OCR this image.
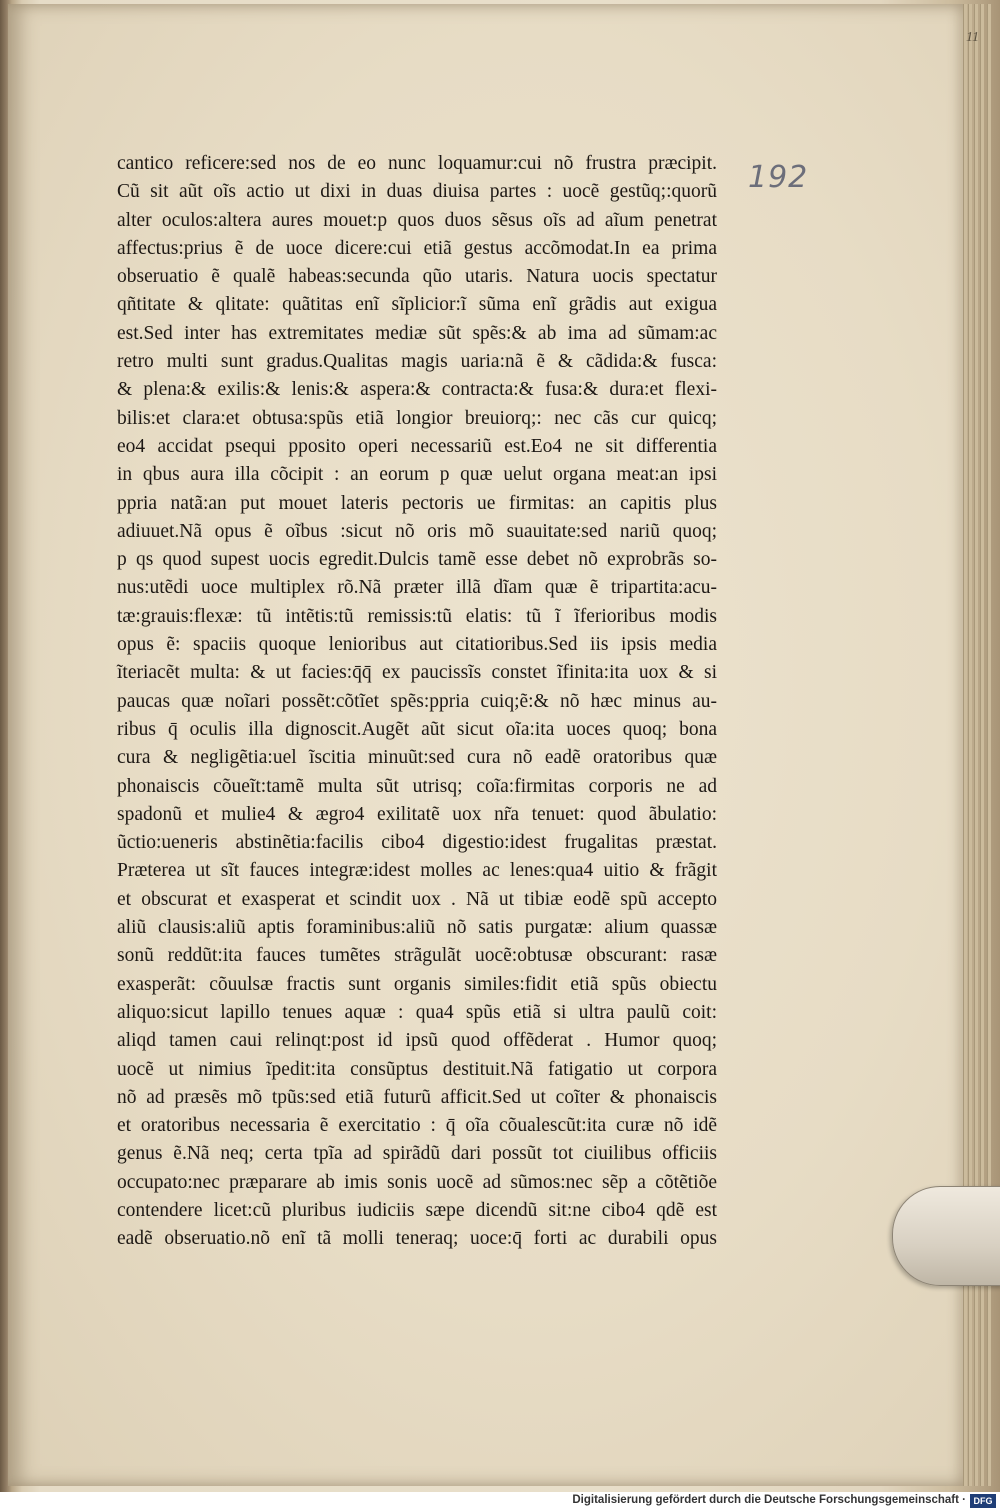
11
192
cantico reficere:sed nos de eo nunc loquamur:cui nõ frustra præcipit.
Cũ sit aũt oĩs actio ut dixi in duas diuisa partes : uocẽ gestũq;:quorũ
alter oculos:altera aures mouet:p quos duos sẽsus oĩs ad aĩum penetrat
affectus:prius ẽ de uoce dicere:cui etiã gestus accõmodat.In ea prima
obseruatio ẽ qualẽ habeas:secunda qũo utaris. Natura uocis spectatur
qñtitate & qlitate: quãtitas enĩ sĩplicior:ĩ sũma enĩ grãdis aut exigua
est.Sed inter has extremitates mediæ sũt spẽs:& ab ima ad sũmam:ac
retro multi sunt gradus.Qualitas magis uaria:nã ẽ & cãdida:& fusca:
& plena:& exilis:& lenis:& aspera:& contracta:& fusa:& dura:et flexi-
bilis:et clara:et obtusa:spũs etiã longior breuiorq;: nec cãs cur quicq;
eo4 accidat psequi pposito operi necessariũ est.Eo4 ne sit differentia
in qbus aura illa cõcipit : an eorum p quæ uelut organa meat:an ipsi
ppria natã:an put mouet lateris pectoris ue firmitas: an capitis plus
adiuuet.Nã opus ẽ oĩbus :sicut nõ oris mõ suauitate:sed nariũ quoq;
p qs quod supest uocis egredit.Dulcis tamẽ esse debet nõ exprobrãs so-
nus:utẽdi uoce multiplex rõ.Nã præter illã dĩam quæ ẽ tripartita:acu-
tæ:grauis:flexæ: tũ intẽtis:tũ remissis:tũ elatis: tũ ĩ ĩferioribus modis
opus ẽ: spaciis quoque lenioribus aut citatioribus.Sed iis ipsis media
ĩteriacẽt multa: & ut facies:q̄q̄ ex paucissĩs constet ĩfinita:ita uox & si
paucas quæ noĩari possẽt:cõtĩet spẽs:ppria cuiq;ẽ:& nõ hæc minus au-
ribus q̄ oculis illa dignoscit.Augẽt aũt sicut oĩa:ita uoces quoq; bona
cura & negligẽtia:uel ĩscitia minuũt:sed cura nõ eadẽ oratoribus quæ
phonaiscis cõueĩt:tamẽ multa sũt utrisq; coĩa:firmitas corporis ne ad
spadonũ et mulie4 & ægro4 exilitatẽ uox nr̃a tenuet: quod ãbulatio:
ũctio:ueneris abstinẽtia:facilis cibo4 digestio:idest frugalitas præstat.
Præterea ut sĩt fauces integræ:idest molles ac lenes:qua4 uitio & frãgit
et obscurat et exasperat et scindit uox . Nã ut tibiæ eodẽ spũ accepto
aliũ clausis:aliũ aptis foraminibus:aliũ nõ satis purgatæ: alium quassæ
sonũ reddũt:ita fauces tumẽtes strãgulãt uocẽ:obtusæ obscurant: rasæ
exasperãt: cõuulsæ fractis sunt organis similes:fidit etiã spũs obiectu
aliquo:sicut lapillo tenues aquæ : qua4 spũs etiã si ultra paulũ coit:
aliqd tamen caui relinqt:post id ipsũ quod offẽderat . Humor quoq;
uocẽ ut nimius ĩpedit:ita consũptus destituit.Nã fatigatio ut corpora
nõ ad præsẽs mõ tpũs:sed etiã futurũ afficit.Sed ut coĩter & phonaiscis
et oratoribus necessaria ẽ exercitatio : q̄ oĩa cõualescũt:ita curæ nõ idẽ
genus ẽ.Nã neq; certa tpĩa ad spirãdũ dari possũt tot ciuilibus officiis
occupato:nec præparare ab imis sonis uocẽ ad sũmos:nec sẽp a cõtẽtiõe
contendere licet:cũ pluribus iudiciis sæpe dicendũ sit:ne cibo4 qdẽ est
eadẽ obseruatio.nõ enĩ tã molli teneraq; uoce:q̄ forti ac durabili opus
Digitalisierung gefördert durch die Deutsche Forschungsgemeinschaft · DFG
